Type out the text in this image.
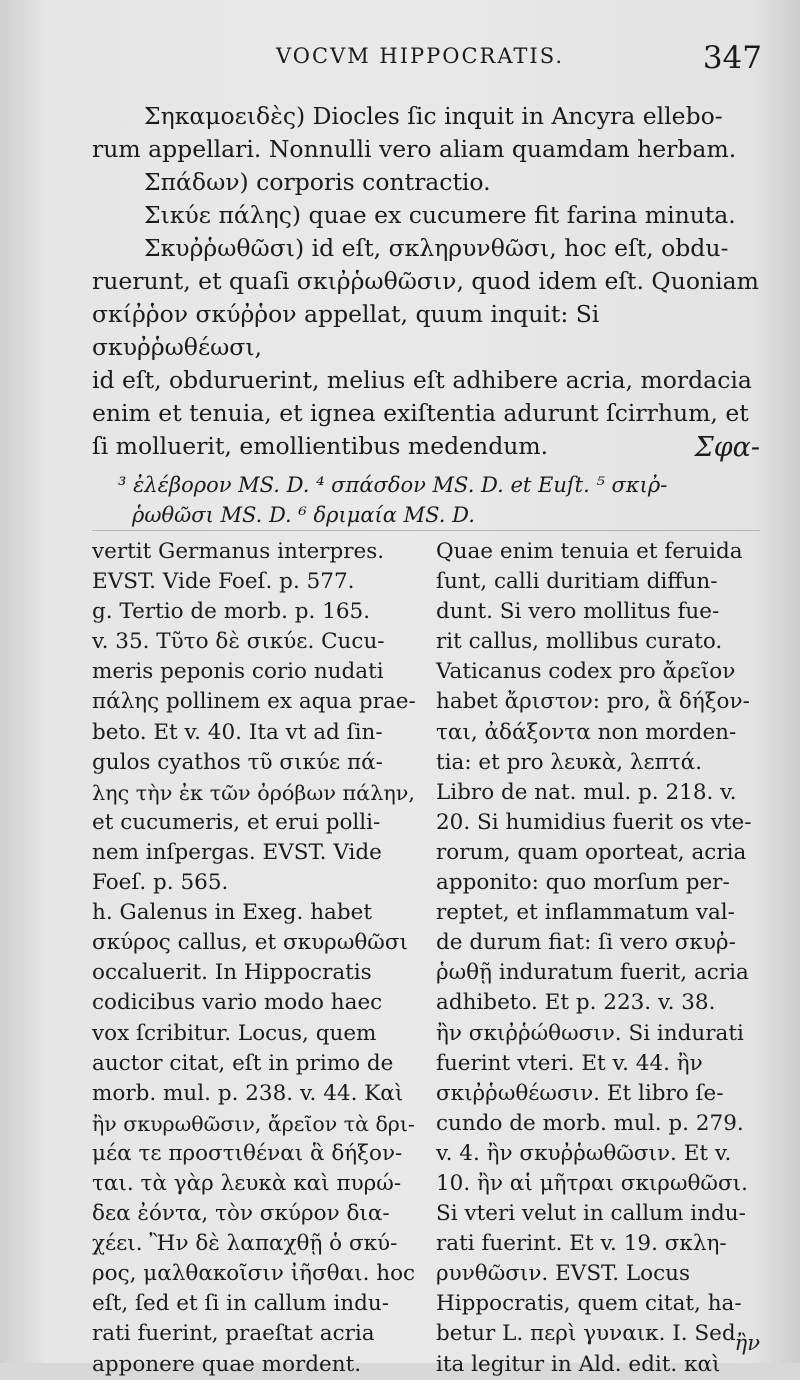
VOCVM HIPPOCRATIS.	347

Σηκαμοειδὲς) Diocles ſic inquit in Ancyra ellebo-

rum appellari. Nonnulli vero aliam quamdam herbam.

Σπάδων) corporis contractio.

Σικύε πάλης) quae ex cucumere fit farina minuta.

Σκυῤῥωθῶσι) id eſt, σκληρυνθῶσι, hoc eſt, obdu-

ruerunt, et quaſi σκιῤῥωθῶσιν, quod idem eſt. Quoniam

σκίῤῥον σκύῤῥον appellat, quum inquit: Si σκυῤῥωθέωσι,

id eſt, obduruerint, melius eſt adhibere acria, mordacia

enim et tenuia, et ignea exiſtentia adurunt ſcirrhum, et

ſi molluerit, emollientibus medendum.	Σφα-
³ ἐλέβορον MS. D. ⁴ σπάσδον MS. D. et Euſt. ⁵ σκιῤ-
ῥωθῶσι MS. D. ⁶ δριμαία MS. D.

vertit Germanus interpres.

EVST. Vide Foeſ. p. 577.

g. Tertio de morb. p. 165.

v. 35. Τῦτο δὲ σικύε. Cucu-

meris peponis corio nudati

πάλης pollinem ex aqua prae-

beto. Et v. 40. Ita vt ad ſin-

gulos cyathos τῦ σικύε πά-

λης τὴν ἐκ τῶν ὀρόβων πάλην,

et cucumeris, et erui polli-

nem inſpergas. EVST. Vide

Foeſ. p. 565.

h. Galenus in Exeg. habet

σκύρος callus, et σκυρωθῶσι

occaluerit. In Hippocratis

codicibus vario modo haec

vox ſcribitur. Locus, quem

auctor citat, eſt in primo de

morb. mul. p. 238. v. 44. Καὶ

ἢν σκυρωθῶσιν, ἄρεῖον τὰ δρι-

μέα τε προστιθέναι ἃ δήξον-

ται. τὰ γὰρ λευκὰ καὶ πυρώ-

δεα ἐόντα, τὸν σκύρον δια-

χέει. Ἢν δὲ λαπαχθῇ ὁ σκύ-

ρος, μαλθακοῖσιν ἰῆσθαι. hoc

eſt, ſed et ſi in callum indu-

rati fuerint, praeſtat acria

apponere quae mordent.

Quae enim tenuia et feruida

ſunt, calli duritiam diffun-

dunt. Si vero mollitus fue-

rit callus, mollibus curato.

Vaticanus codex pro ἄρεῖον

habet ἄριστον: pro, ἃ δήξον-

ται, ἀδάξοντα non morden-

tia: et pro λευκὰ, λεπτά.

Libro de nat. mul. p. 218. v.

20. Si humidius fuerit os vte-

rorum, quam oporteat, acria

apponito: quo morſum per-

reptet, et inflammatum val-

de durum fiat: ſi vero σκυῤ-

ῥωθῇ induratum fuerit, acria

adhibeto. Et p. 223. v. 38.

ἢν σκιῤῥώθωσιν. Si indurati

fuerint vteri. Et v. 44. ἢν

σκιῤῥωθέωσιν. Et libro ſe-

cundo de morb. mul. p. 279.

v. 4. ἢν σκυῤῥωθῶσιν. Et v.

10. ἢν αἱ μῆτραι σκιρωθῶσι.

Si vteri velut in callum indu-

rati fuerint. Et v. 19. σκλη-

ρυνθῶσιν. EVST. Locus

Hippocratis, quem citat, ha-

betur L. περὶ γυναικ. I. Sed

ita legitur in Ald. edit. καὶ

ἢν
